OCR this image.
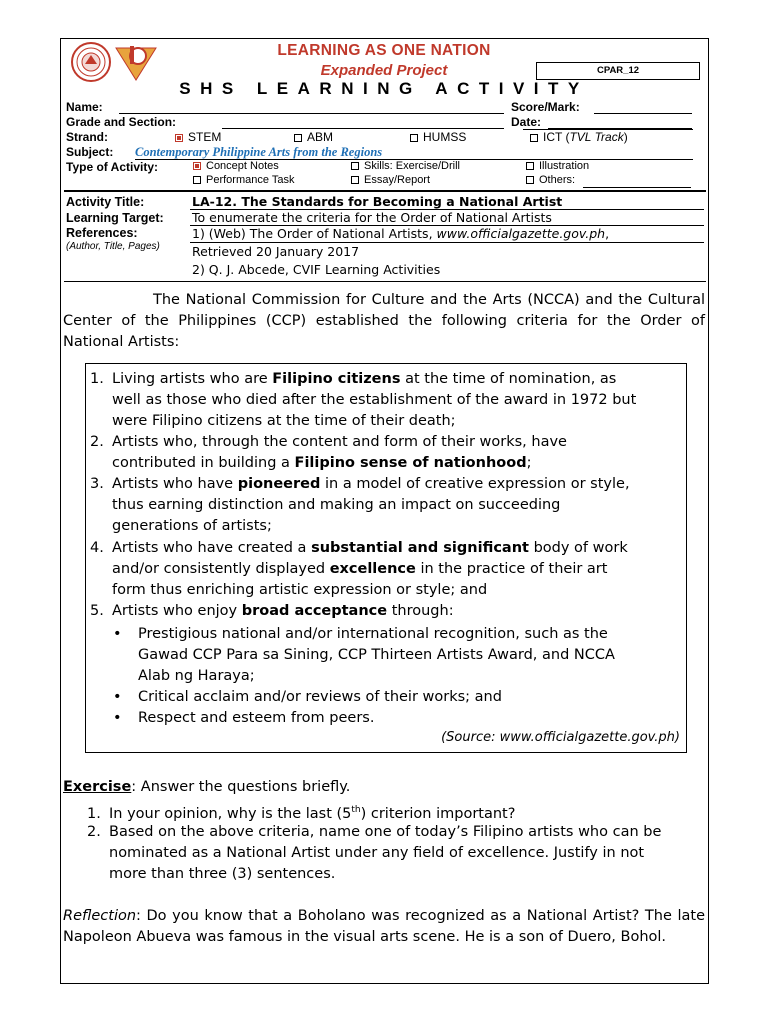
LEARNING AS ONE NATION
Expanded Project
SHS LEARNING ACTIVITY
CPAR_12
Name:	Score/Mark:
Grade and Section:	Date:
Strand:	STEM	ABM	HUMSS	ICT (TVL Track)
Subject: Contemporary Philippine Arts from the Regions
Type of Activity:	Concept Notes	Skills: Exercise/Drill	Illustration
Performance Task	Essay/Report	Others:
Activity Title:	LA-12. The Standards for Becoming a National Artist
Learning Target: To enumerate the criteria for the Order of National Artists
References:
(Author, Title, Pages)
1) (Web) The Order of National Artists, www.officialgazette.gov.ph,
Retrieved 20 January 2017
2) Q. J. Abcede, CVIF Learning Activities
The National Commission for Culture and the Arts (NCCA) and the Cultural Center of the Philippines (CCP) established the following criteria for the Order of National Artists:
1. Living artists who are Filipino citizens at the time of nomination, as
well as those who died after the establishment of the award in 1972 but
were Filipino citizens at the time of their death;
2. Artists who, through the content and form of their works, have
contributed in building a Filipino sense of nationhood;
3. Artists who have pioneered in a model of creative expression or style,
thus earning distinction and making an impact on succeeding
generations of artists;
4. Artists who have created a substantial and significant body of work
and/or consistently displayed excellence in the practice of their art
form thus enriching artistic expression or style; and
5. Artists who enjoy broad acceptance through:
• Prestigious national and/or international recognition, such as the
Gawad CCP Para sa Sining, CCP Thirteen Artists Award, and NCCA
Alab ng Haraya;
• Critical acclaim and/or reviews of their works; and
• Respect and esteem from peers.
(Source: www.officialgazette.gov.ph)
Exercise: Answer the questions briefly.
1. In your opinion, why is the last (5th) criterion important?
2. Based on the above criteria, name one of today’s Filipino artists who can be
nominated as a National Artist under any field of excellence. Justify in not
more than three (3) sentences.
Reflection: Do you know that a Boholano was recognized as a National Artist? The late Napoleon Abueva was famous in the visual arts scene. He is a son of Duero, Bohol.
